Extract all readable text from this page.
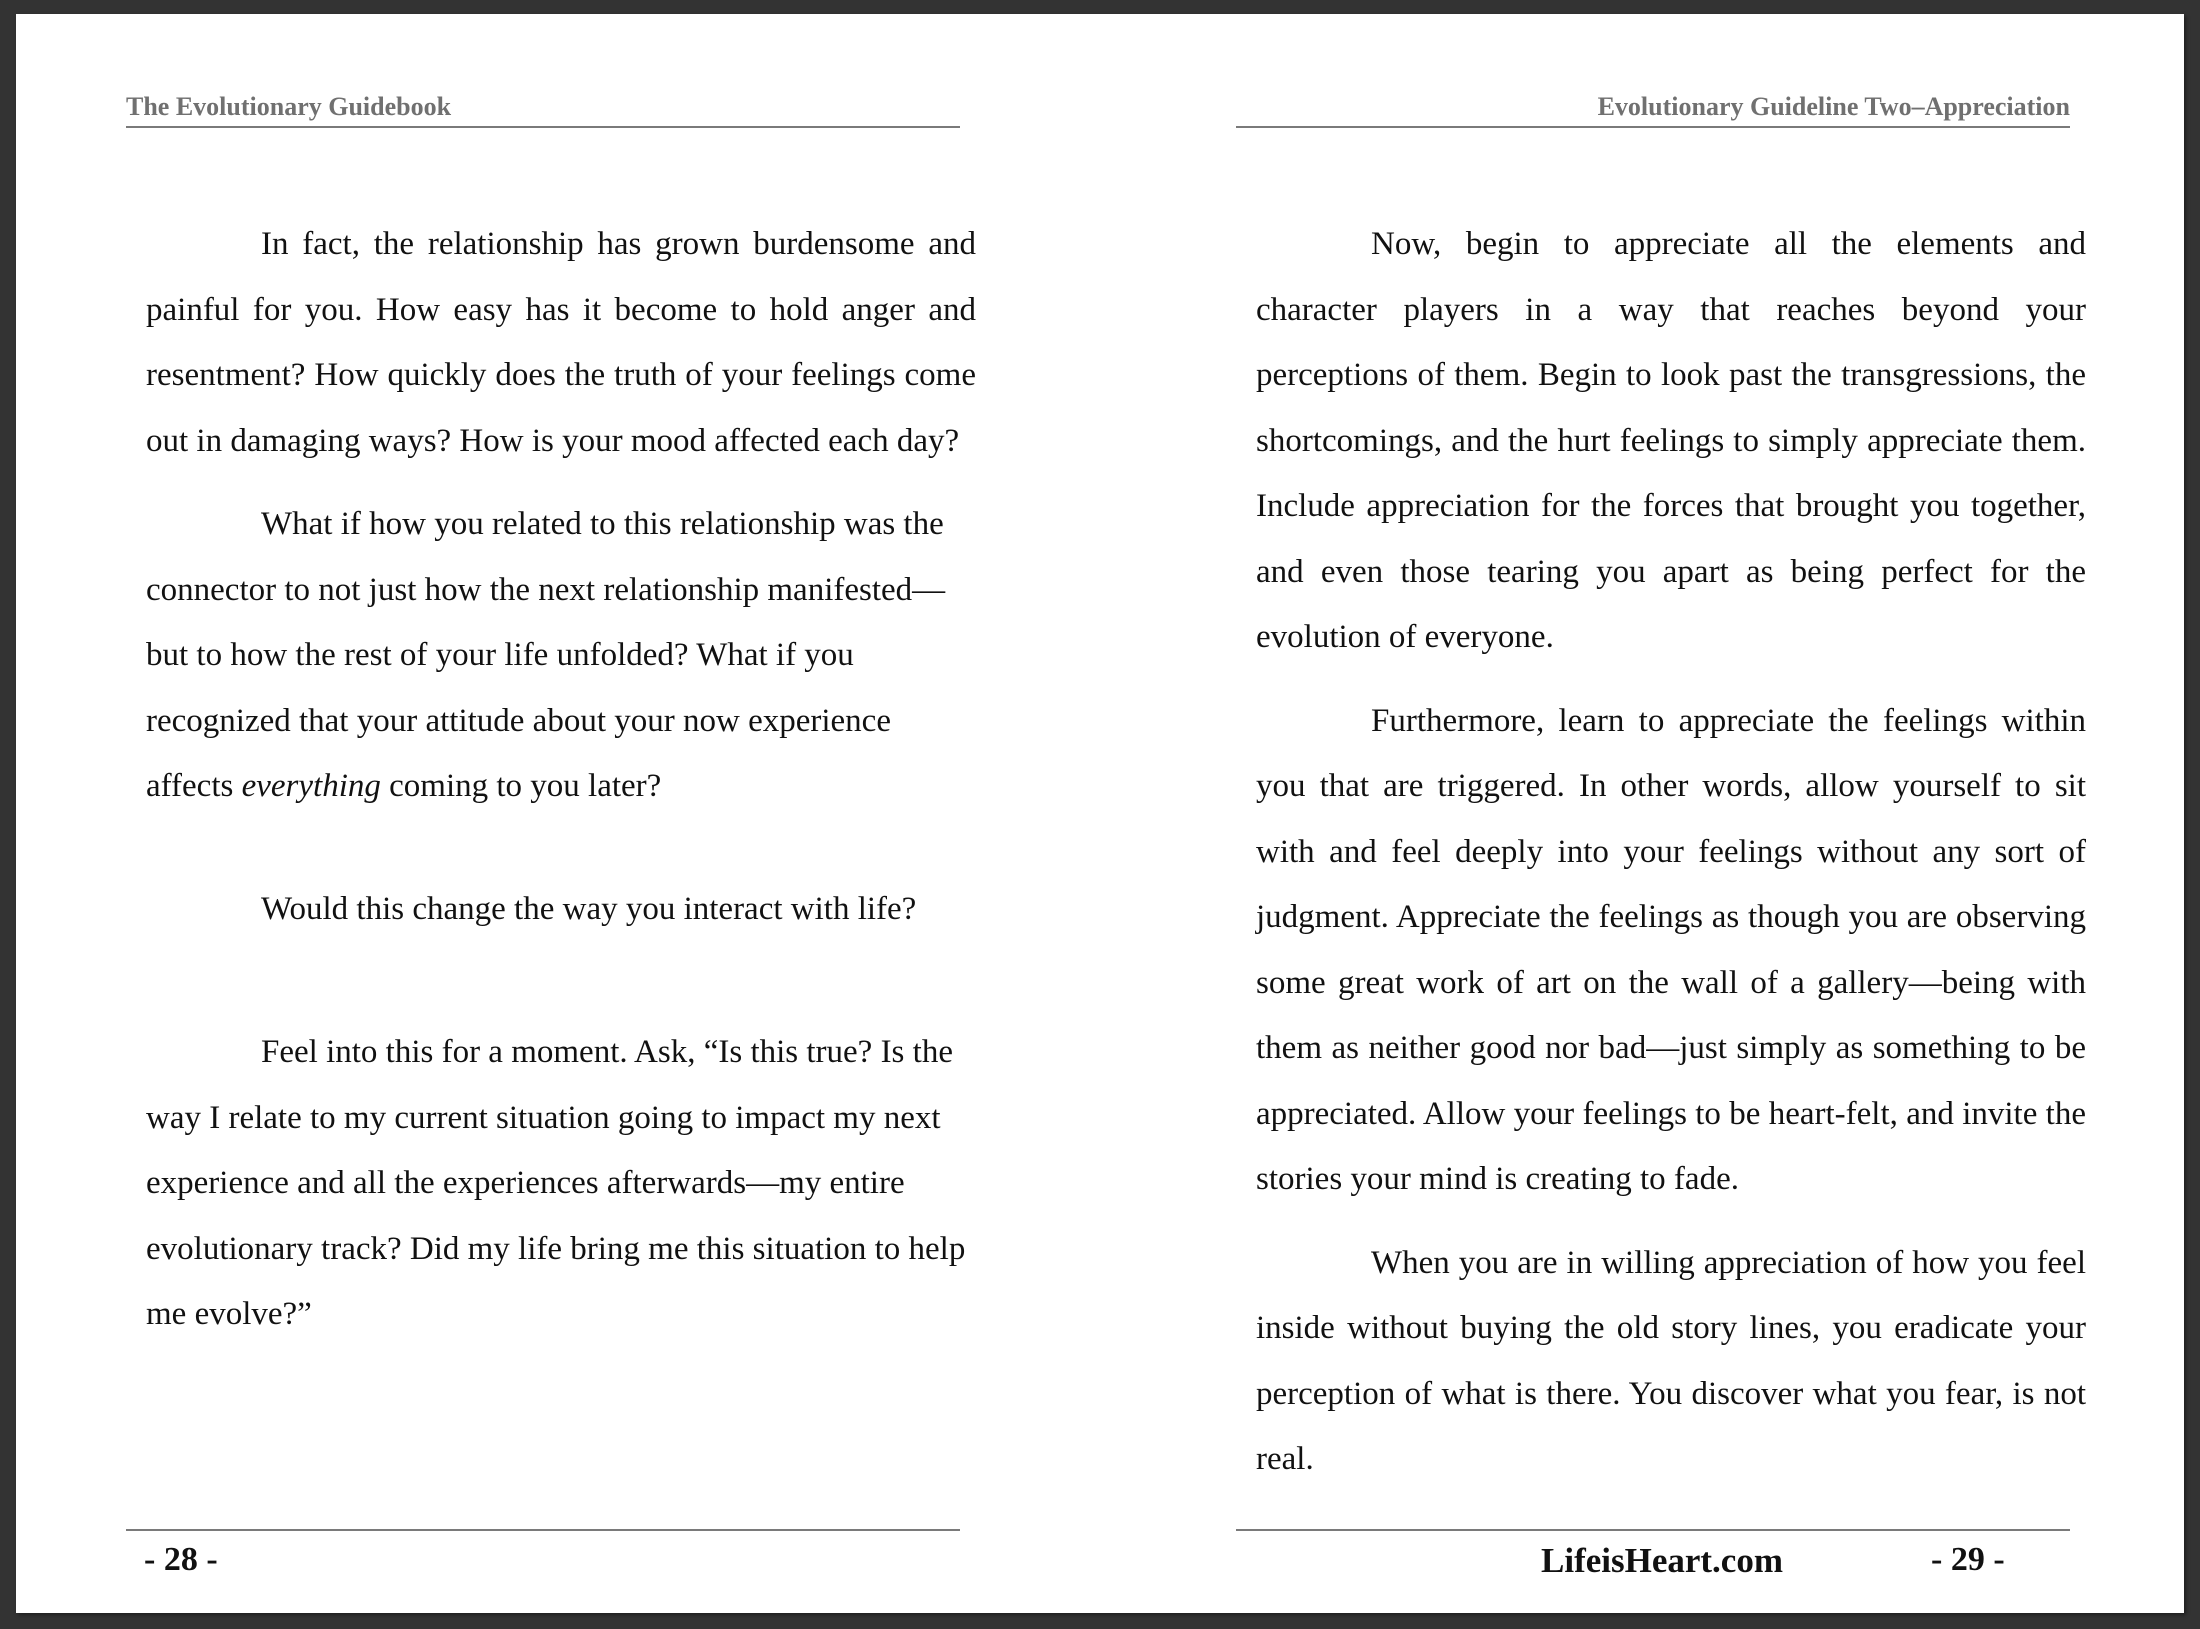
The Evolutionary Guidebook

In fact, the relationship has grown burdensome and painful for you. How easy has it become to hold anger and resentment? How quickly does the truth of your feelings come out in damaging ways? How is your mood affected each day?

What if how you related to this relationship was the connector to not just how the next relationship manifested—but to how the rest of your life unfolded? What if you recognized that your attitude about your now experience affects everything coming to you later?

Would this change the way you interact with life?

Feel into this for a moment. Ask, “Is this true? Is the way I relate to my current situation going to impact my next experience and all the experiences afterwards—my entire evolutionary track? Did my life bring me this situation to help me evolve?”

- 28 -
Evolutionary Guideline Two–Appreciation

Now, begin to appreciate all the elements and character players in a way that reaches beyond your perceptions of them. Begin to look past the transgressions, the shortcomings, and the hurt feelings to simply appreciate them. Include appreciation for the forces that brought you together, and even those tearing you apart as being perfect for the evolution of everyone.

Furthermore, learn to appreciate the feelings within you that are triggered. In other words, allow yourself to sit with and feel deeply into your feelings without any sort of judgment. Appreciate the feelings as though you are observing some great work of art on the wall of a gallery—being with them as neither good nor bad—just simply as something to be appreciated. Allow your feelings to be heart-felt, and invite the stories your mind is creating to fade.

When you are in willing appreciation of how you feel inside without buying the old story lines, you eradicate your perception of what is there. You discover what you fear, is not real.

LifeisHeart.com	- 29 -
